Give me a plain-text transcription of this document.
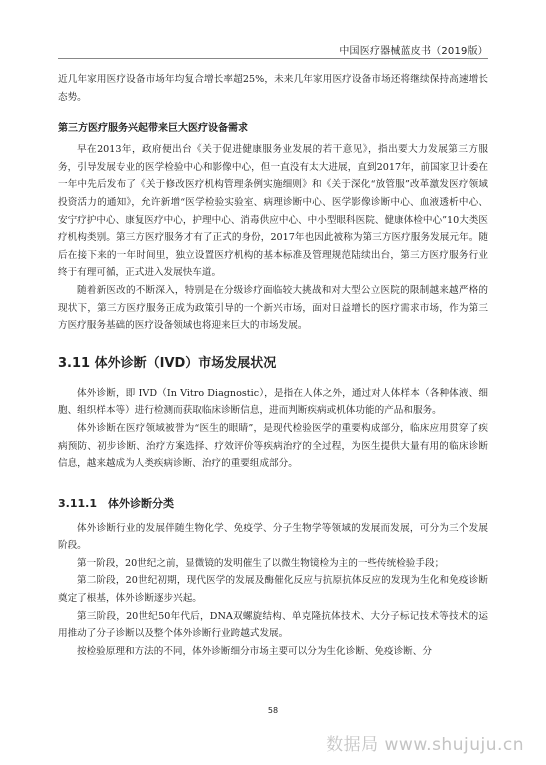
中国医疗器械蓝皮书（2019版）

近几年家用医疗设备市场年均复合增长率超25%，未来几年家用医疗设备市场还将继续保持高速增长态势。

第三方医疗服务兴起带来巨大医疗设备需求

早在2013年，政府便出台《关于促进健康服务业发展的若干意见》，指出要大力发展第三方服务，引导发展专业的医学检验中心和影像中心，但一直没有太大进展，直到2017年，前国家卫计委在一年中先后发布了《关于修改医疗机构管理条例实施细则》和《关于深化“放管服”改革激发医疗领域投资活力的通知》，允许新增“医学检验实验室、病理诊断中心、医学影像诊断中心、血液透析中心、安宁疗护中心、康复医疗中心，护理中心、消毒供应中心、中小型眼科医院、健康体检中心”10大类医疗机构类别。第三方医疗服务才有了正式的身份，2017年也因此被称为第三方医疗服务发展元年。随后在接下来的一年时间里，独立设置医疗机构的基本标准及管理规范陆续出台，第三方医疗服务行业终于有理可循，正式进入发展快车道。

随着新医改的不断深入，特别是在分级诊疗面临较大挑战和对大型公立医院的限制越来越严格的现状下，第三方医疗服务正成为政策引导的一个新兴市场，面对日益增长的医疗需求市场，作为第三方医疗服务基础的医疗设备领域也将迎来巨大的市场发展。

3.11 体外诊断（IVD）市场发展状况

体外诊断，即 IVD（In Vitro Diagnostic），是指在人体之外，通过对人体样本（各种体液、细胞、组织样本等）进行检测而获取临床诊断信息，进而判断疾病或机体功能的产品和服务。

体外诊断在医疗领域被誉为“医生的眼睛”，是现代检验医学的重要构成部分，临床应用贯穿了疾病预防、初步诊断、治疗方案选择、疗效评价等疾病治疗的全过程，为医生提供大量有用的临床诊断信息，越来越成为人类疾病诊断、治疗的重要组成部分。

3.11.1　体外诊断分类

体外诊断行业的发展伴随生物化学、免疫学、分子生物学等领域的发展而发展，可分为三个发展阶段。

第一阶段，20世纪之前，显微镜的发明催生了以微生物镜检为主的一些传统检验手段；

第二阶段，20世纪初期，现代医学的发展及酶催化反应与抗原抗体反应的发现为生化和免疫诊断奠定了根基，体外诊断逐步兴起。

第三阶段，20世纪50年代后，DNA双螺旋结构、单克隆抗体技术、大分子标记技术等技术的运用推动了分子诊断以及整个体外诊断行业跨越式发展。

按检验原理和方法的不同，体外诊断细分市场主要可以分为生化诊断、免疫诊断、分

58
数据局 www.shujuju.cn
